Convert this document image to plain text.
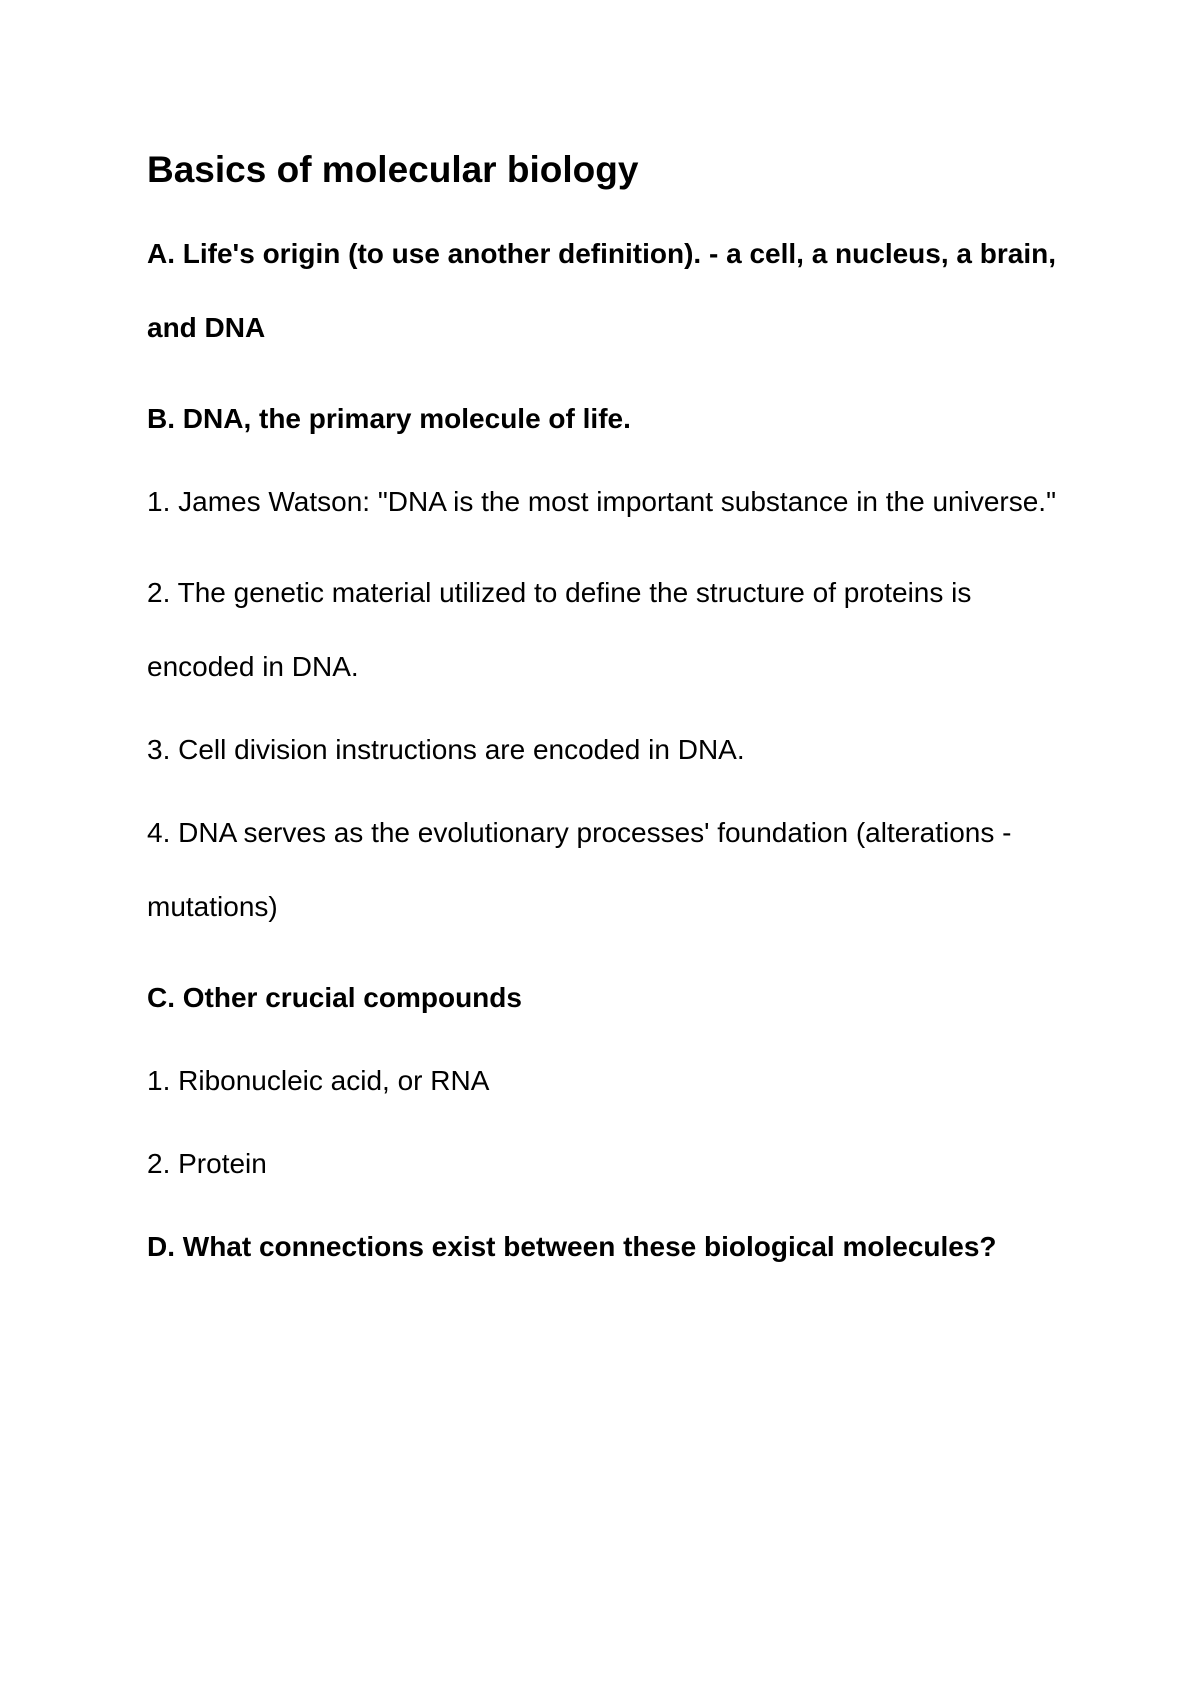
Basics of molecular biology

A. Life's origin (to use another definition). - a cell, a nucleus, a brain, and DNA

B. DNA, the primary molecule of life.

1. James Watson: "DNA is the most important substance in the universe."

2. The genetic material utilized to define the structure of proteins is encoded in DNA.

3. Cell division instructions are encoded in DNA.

4. DNA serves as the evolutionary processes' foundation (alterations - mutations)

C. Other crucial compounds

1. Ribonucleic acid, or RNA

2. Protein

D. What connections exist between these biological molecules?
